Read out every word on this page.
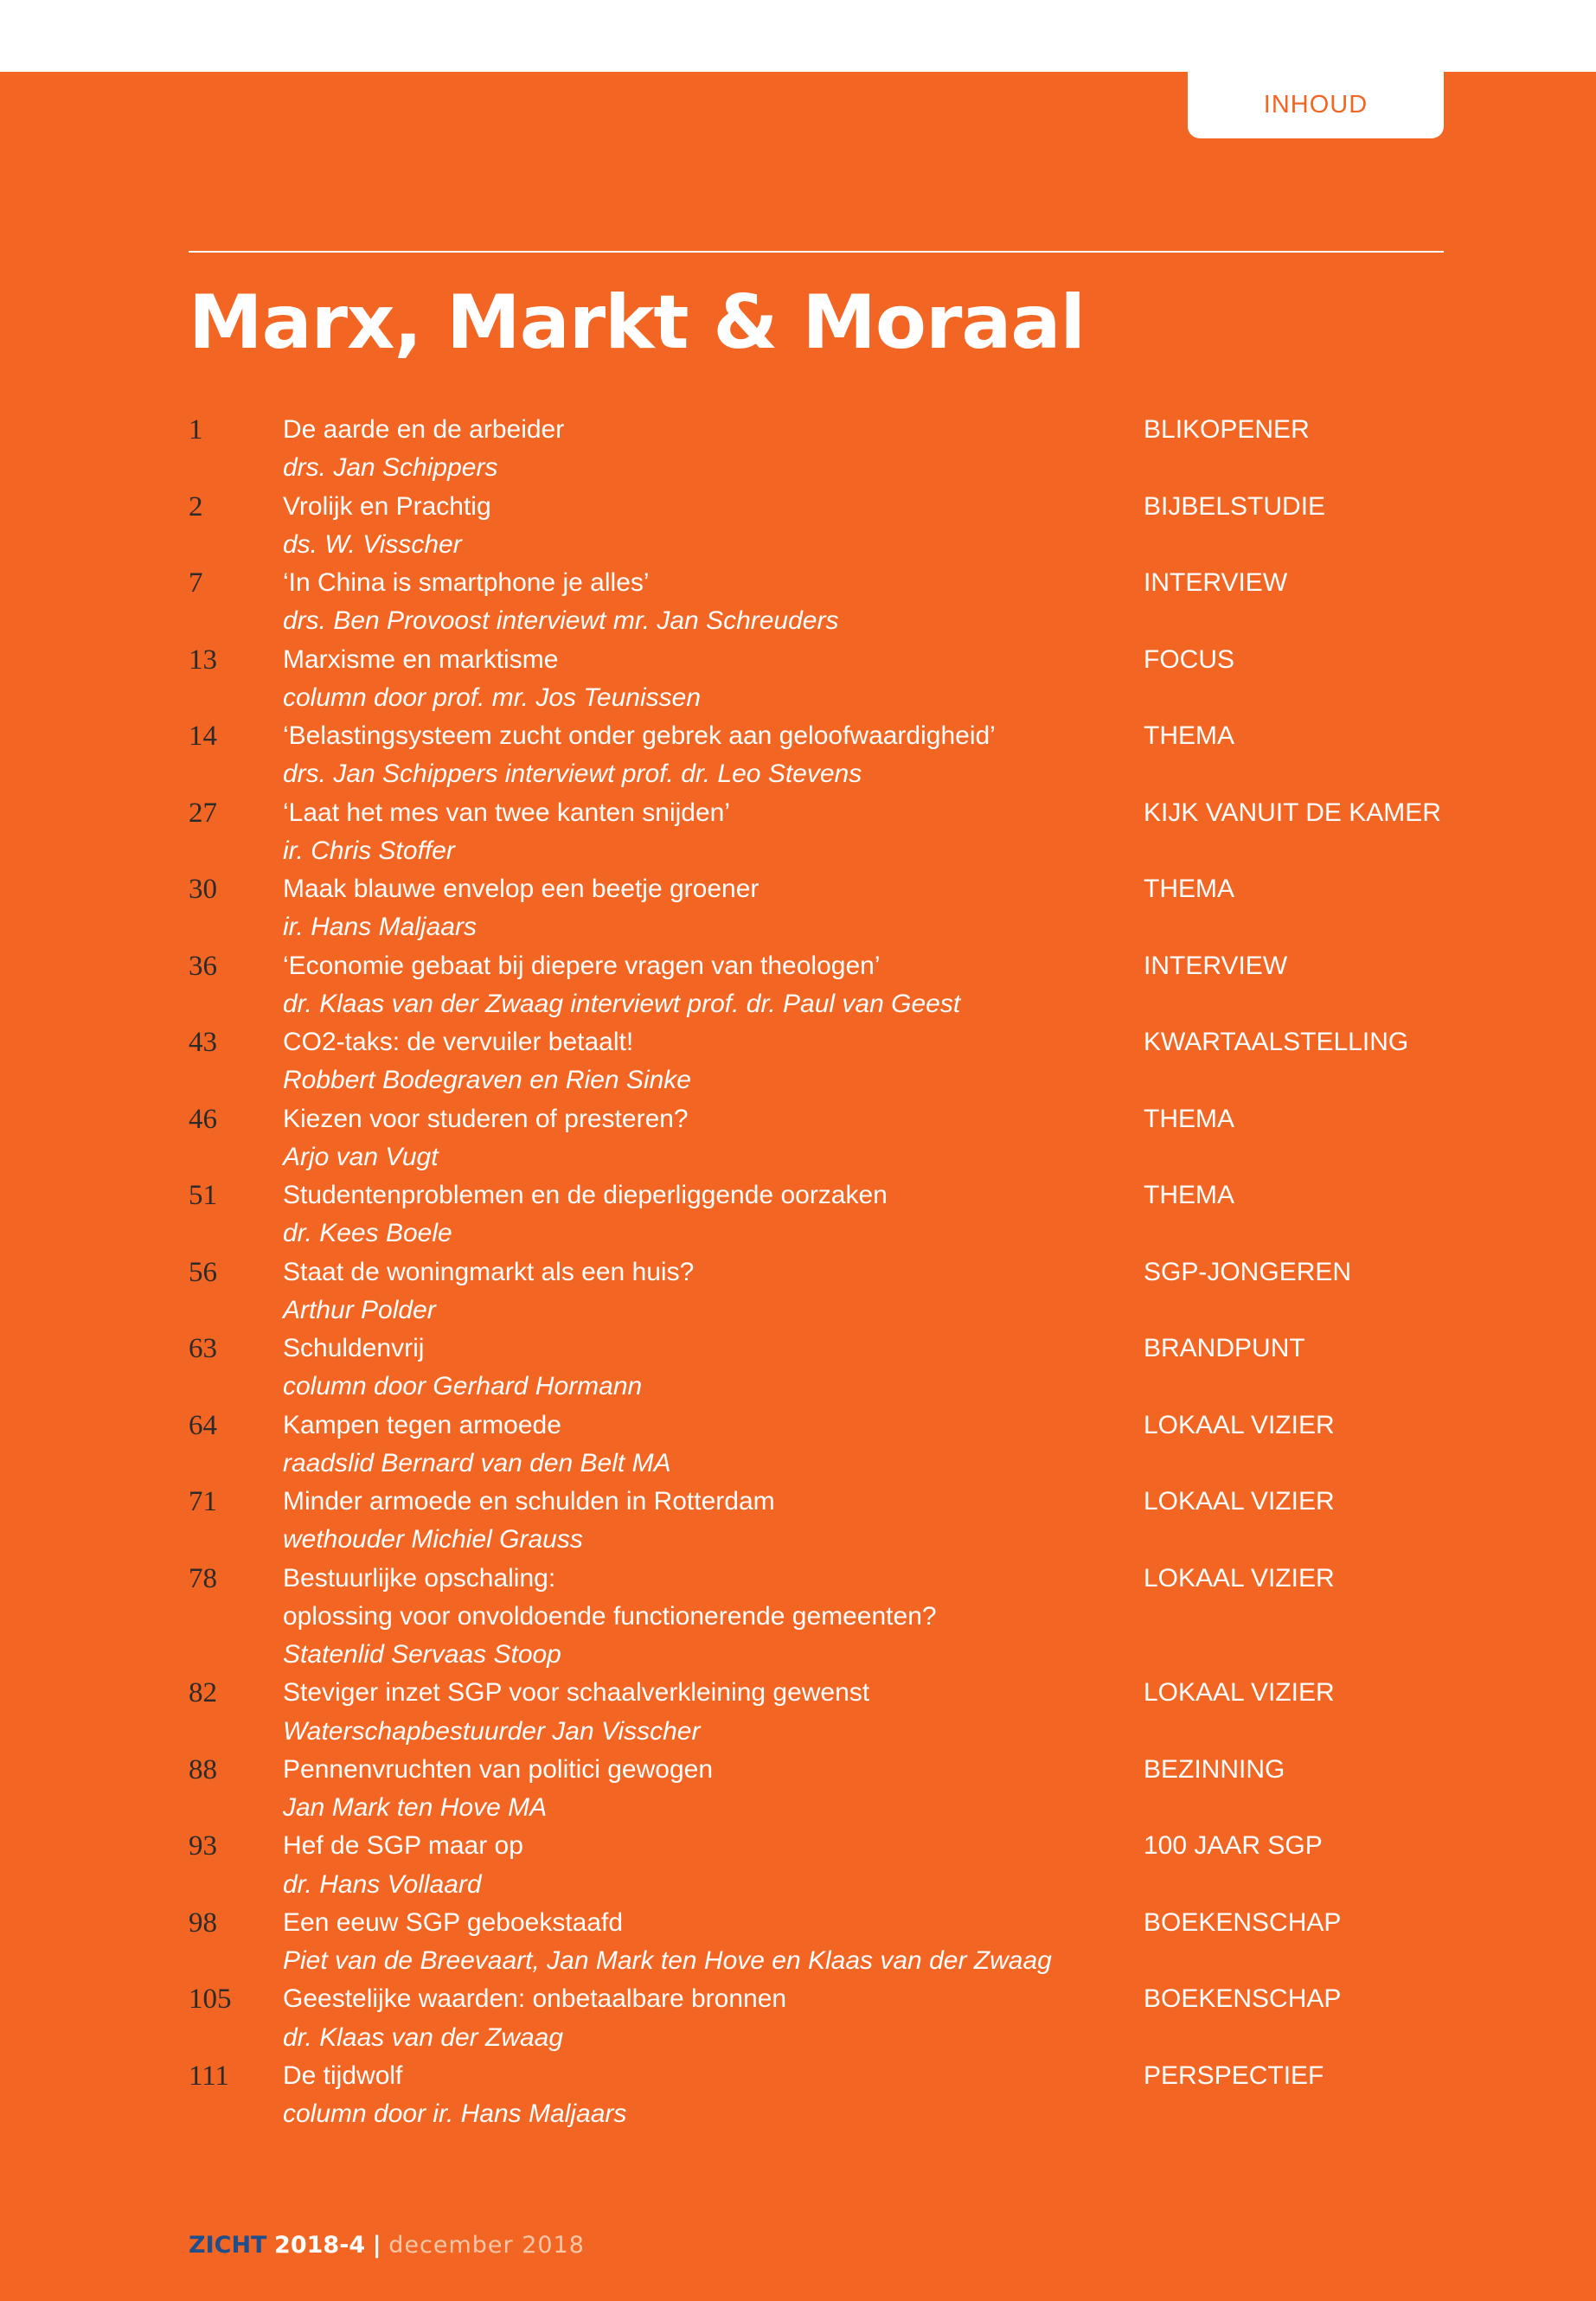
INHOUD
Marx, Markt & Moraal
1	De aarde en de arbeider	BLIKOPENER
drs. Jan Schippers
2	Vrolijk en Prachtig	BIJBELSTUDIE
ds. W. Visscher
7	‘In China is smartphone je alles’	INTERVIEW
drs. Ben Provoost interviewt mr. Jan Schreuders
13	Marxisme en marktisme	FOCUS
column door prof. mr. Jos Teunissen
14	‘Belastingsysteem zucht onder gebrek aan geloofwaardigheid’	THEMA
drs. Jan Schippers interviewt prof. dr. Leo Stevens
27	‘Laat het mes van twee kanten snijden’	KIJK VANUIT DE KAMER
ir. Chris Stoffer
30	Maak blauwe envelop een beetje groener	THEMA
ir. Hans Maljaars
36	‘Economie gebaat bij diepere vragen van theologen’	INTERVIEW
dr. Klaas van der Zwaag interviewt prof. dr. Paul van Geest
43	CO2-taks: de vervuiler betaalt!	KWARTAALSTELLING
Robbert Bodegraven en Rien Sinke
46	Kiezen voor studeren of presteren?	THEMA
Arjo van Vugt
51	Studentenproblemen en de dieperliggende oorzaken	THEMA
dr. Kees Boele
56	Staat de woningmarkt als een huis?	SGP-JONGEREN
Arthur Polder
63	Schuldenvrij	BRANDPUNT
column door Gerhard Hormann
64	Kampen tegen armoede	LOKAAL VIZIER
raadslid Bernard van den Belt MA
71	Minder armoede en schulden in Rotterdam	LOKAAL VIZIER
wethouder Michiel Grauss
78	Bestuurlijke opschaling:	LOKAAL VIZIER
oplossing voor onvoldoende functionerende gemeenten?
Statenlid Servaas Stoop
82	Steviger inzet SGP voor schaalverkleining gewenst	LOKAAL VIZIER
Waterschapbestuurder Jan Visscher
88	Pennenvruchten van politici gewogen	BEZINNING
Jan Mark ten Hove MA
93	Hef de SGP maar op	100 JAAR SGP
dr. Hans Vollaard
98	Een eeuw SGP geboekstaafd	BOEKENSCHAP
Piet van de Breevaart, Jan Mark ten Hove en Klaas van der Zwaag
105	Geestelijke waarden: onbetaalbare bronnen	BOEKENSCHAP
dr. Klaas van der Zwaag
111	De tijdwolf	PERSPECTIEF
column door ir. Hans Maljaars
ZICHT 2018-4 | december 2018
